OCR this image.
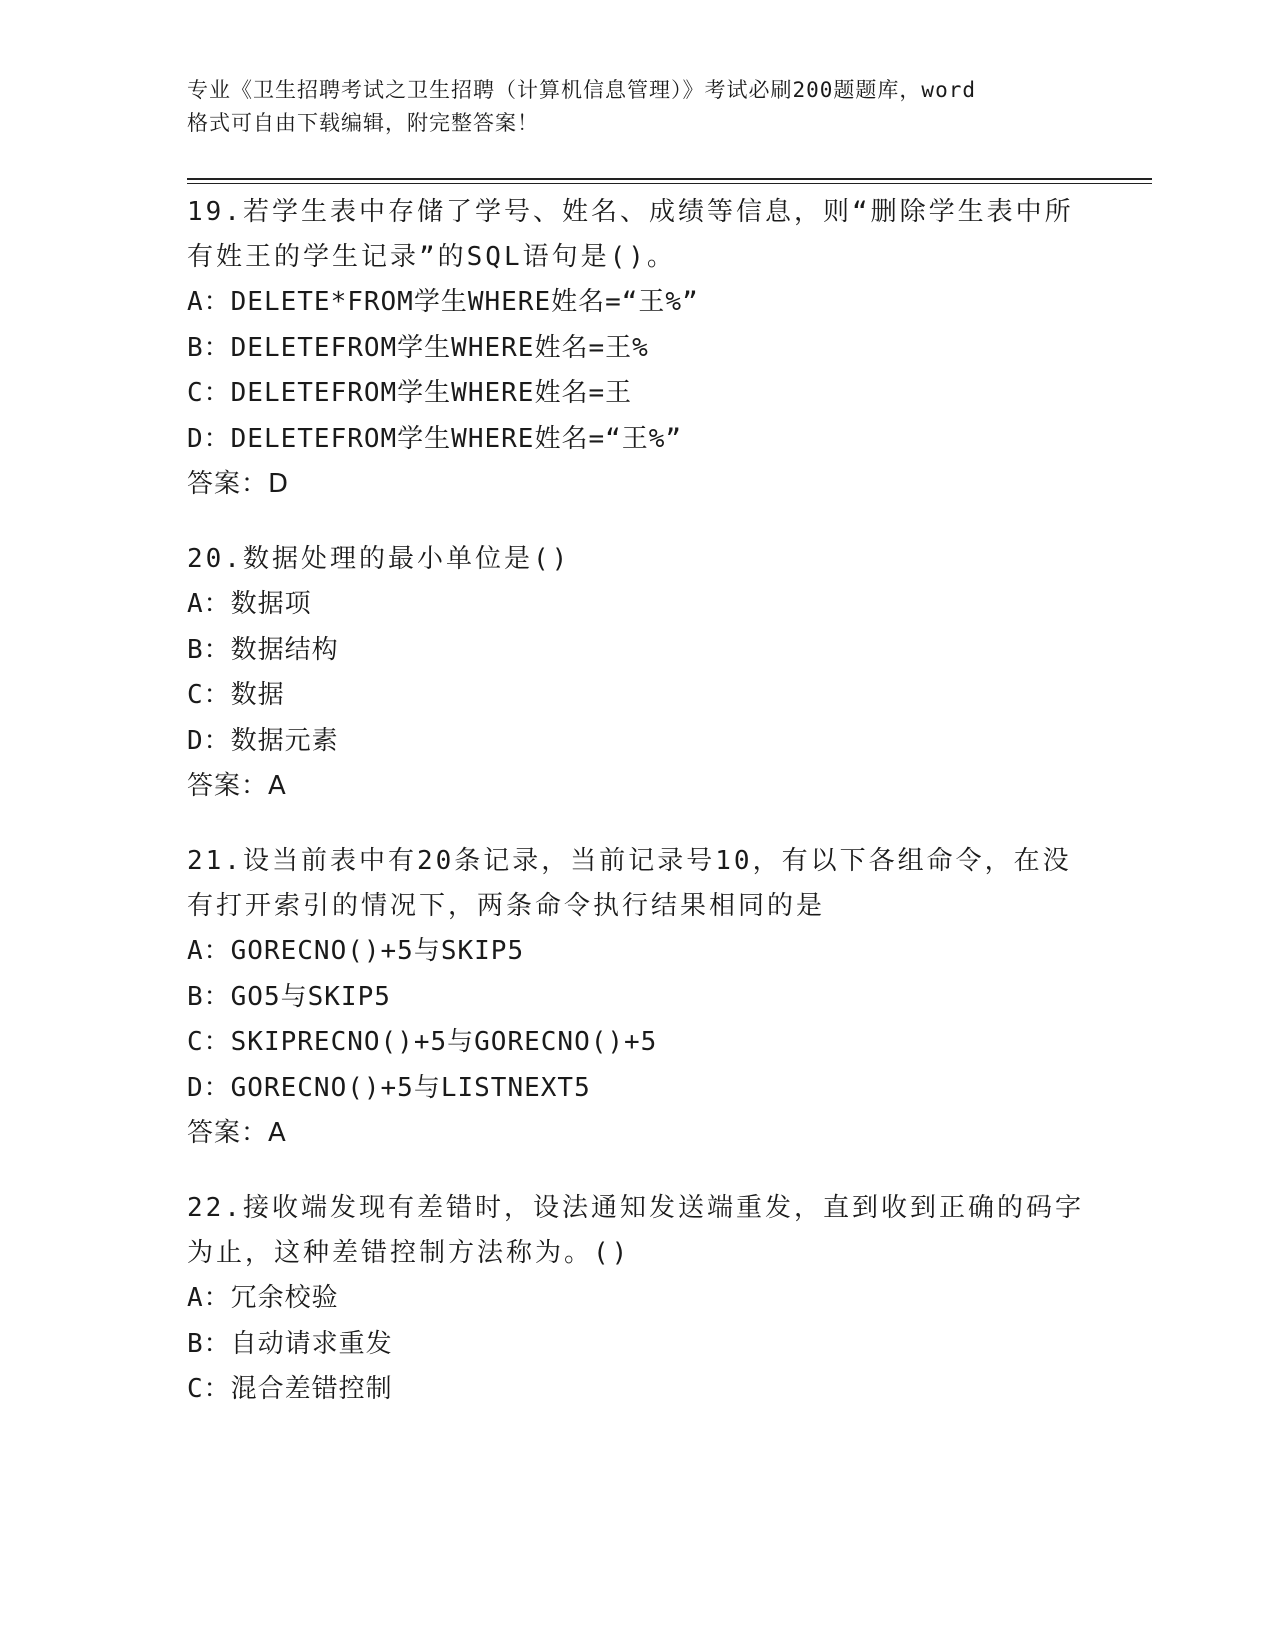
专业《卫生招聘考试之卫生招聘（计算机信息管理）》考试必刷200题题库，word
格式可自由下载编辑，附完整答案！
19.若学生表中存储了学号、姓名、成绩等信息，则“删除学生表中所有姓王的学生记录”的SQL语句是()。
A：DELETE*FROM学生WHERE姓名=“王%”
B：DELETEFROM学生WHERE姓名=王%
C：DELETEFROM学生WHERE姓名=王
D：DELETEFROM学生WHERE姓名=“王%”
答案：D
20.数据处理的最小单位是()
A：数据项
B：数据结构
C：数据
D：数据元素
答案：A
21.设当前表中有20条记录，当前记录号10，有以下各组命令，在没有打开索引的情况下，两条命令执行结果相同的是
A：GORECNO()+5与SKIP5
B：GO5与SKIP5
C：SKIPRECNO()+5与GORECNO()+5
D：GORECNO()+5与LISTNEXT5
答案：A
22.接收端发现有差错时，设法通知发送端重发，直到收到正确的码字为止，这种差错控制方法称为。()
A：冗余校验
B：自动请求重发
C：混合差错控制
